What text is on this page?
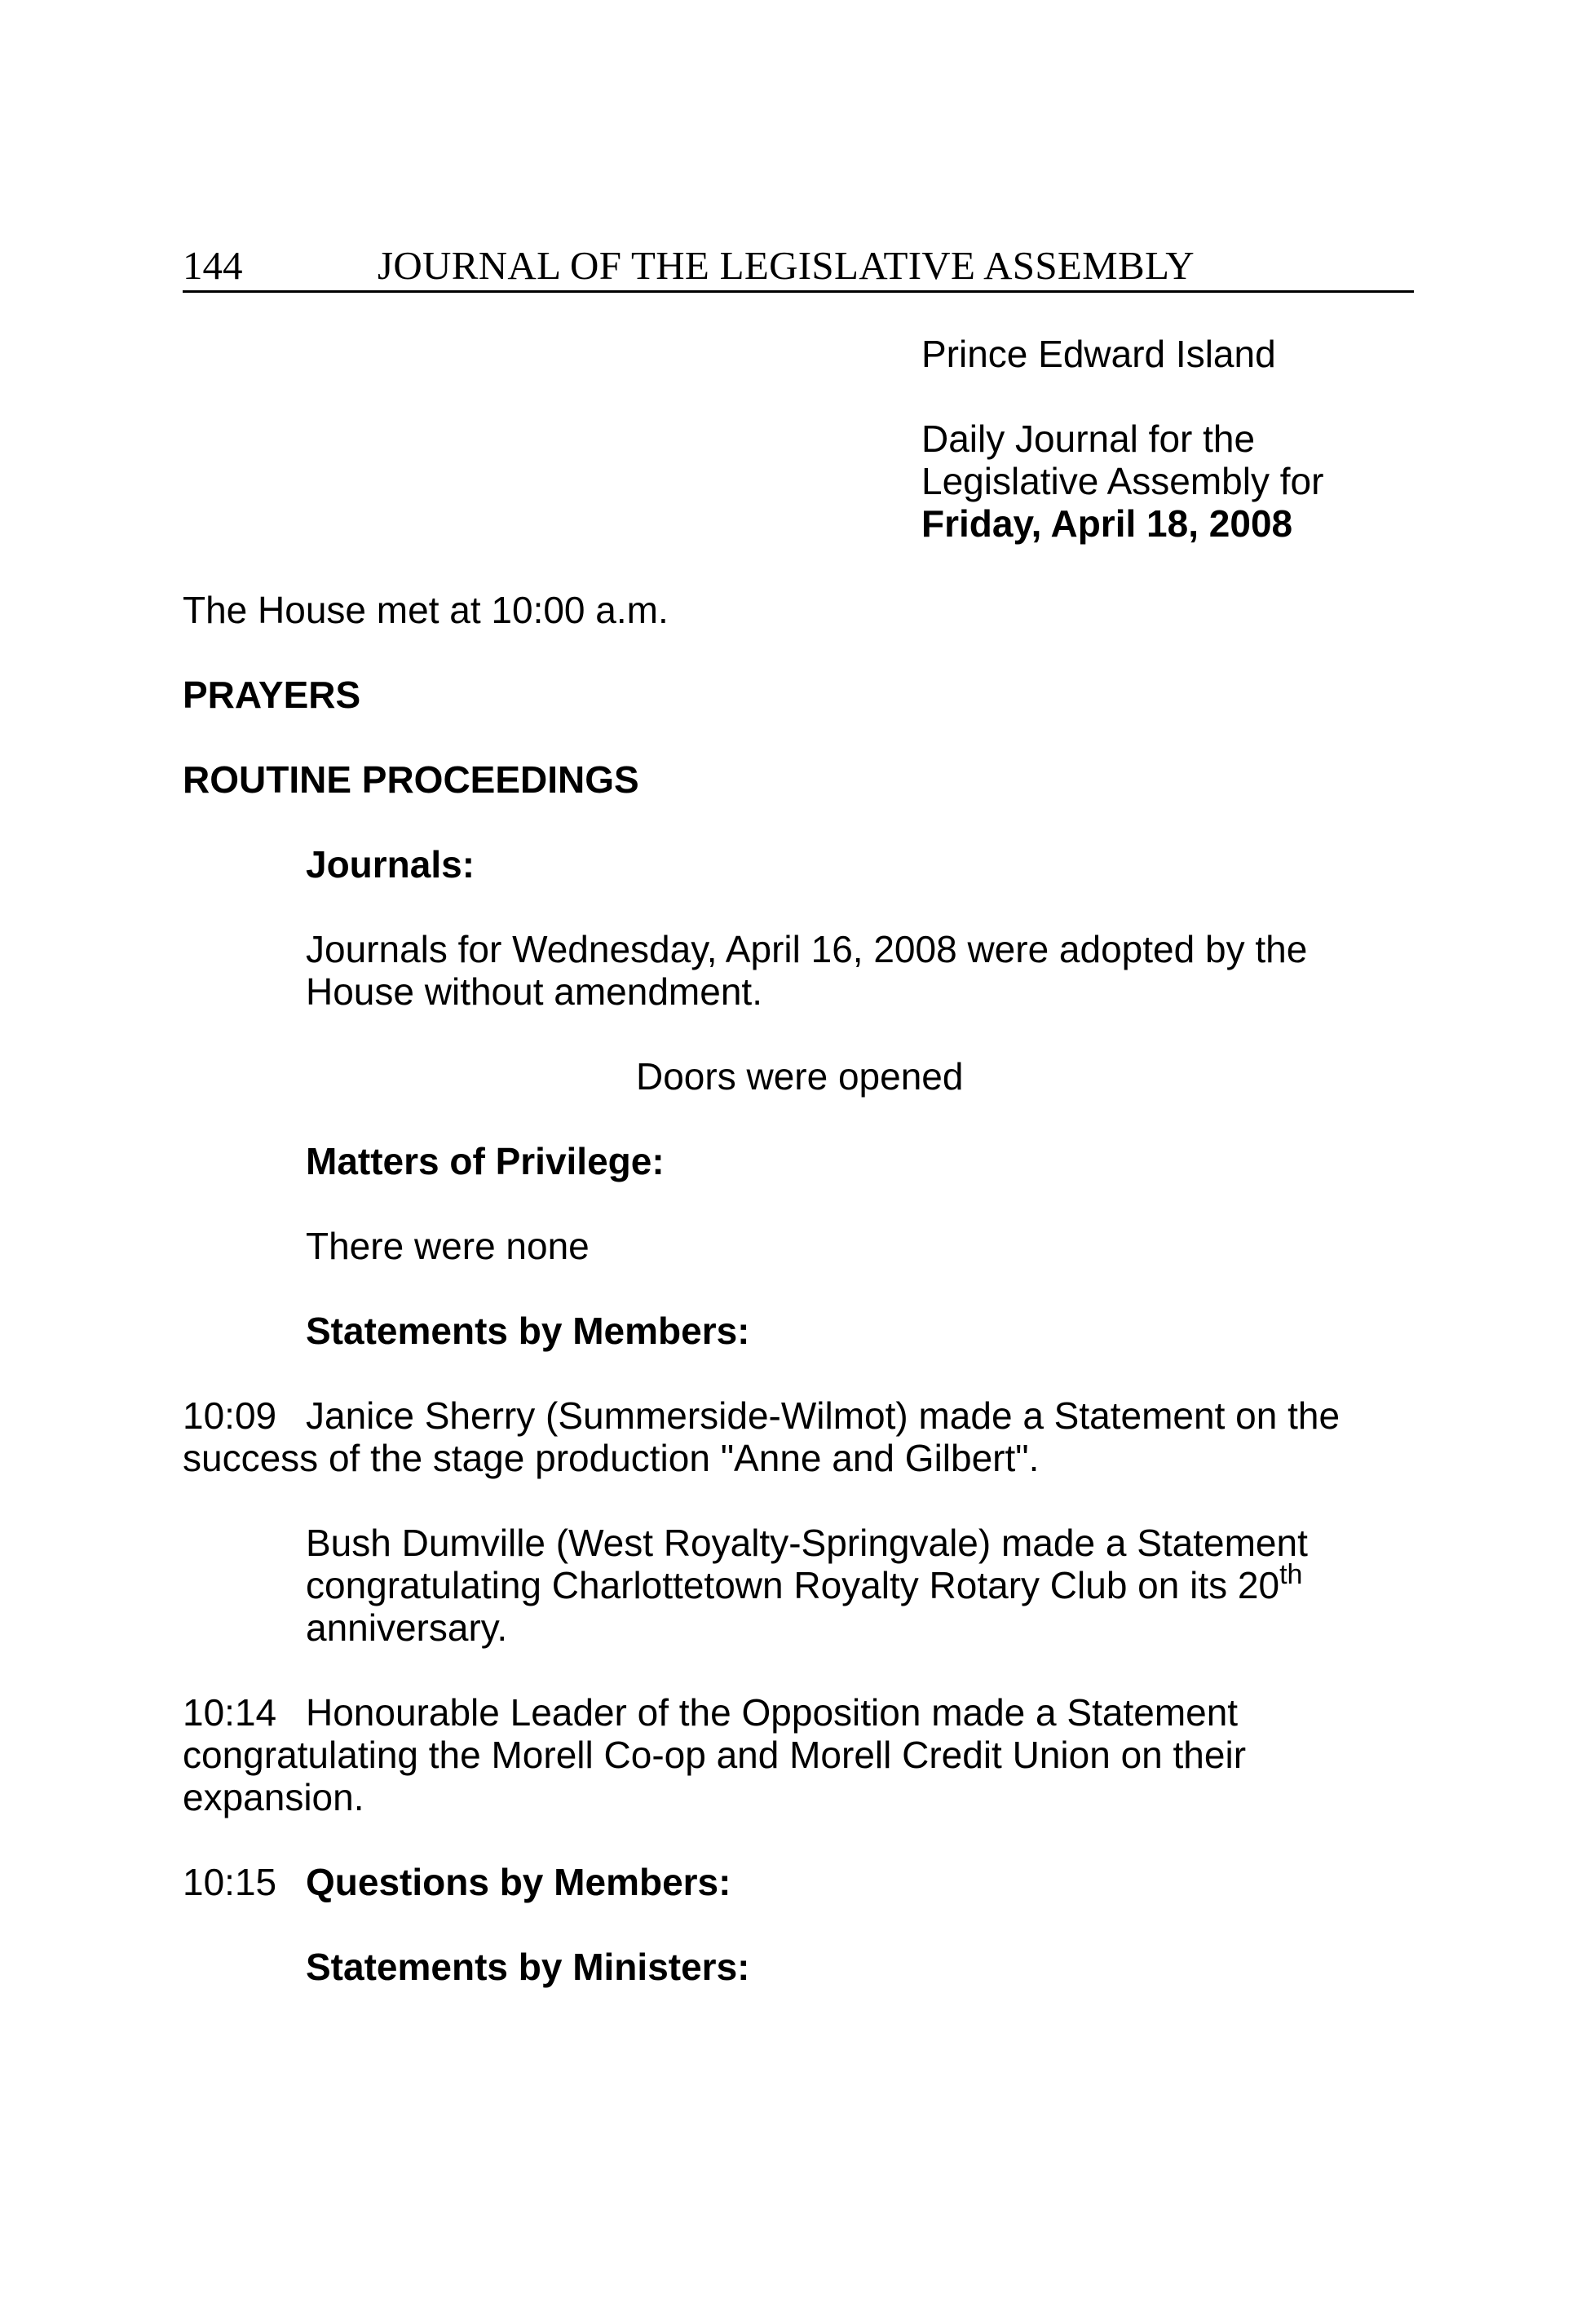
144	JOURNAL OF THE LEGISLATIVE ASSEMBLY
Prince Edward Island
Daily Journal for the
Legislative Assembly for
Friday, April 18, 2008
The House met at 10:00 a.m.
PRAYERS
ROUTINE PROCEEDINGS
Journals:
Journals for Wednesday, April 16, 2008 were adopted by the
House without amendment.
Doors were opened
Matters of Privilege:
There were none
Statements by Members:
10:09 Janice Sherry (Summerside-Wilmot) made a Statement on the
success of the stage production "Anne and Gilbert".
Bush Dumville (West Royalty-Springvale) made a Statement
congratulating Charlottetown Royalty Rotary Club on its 20th
anniversary.
10:14 Honourable Leader of the Opposition made a Statement
congratulating the Morell Co-op and Morell Credit Union on their
expansion.
10:15 Questions by Members:
Statements by Ministers:
